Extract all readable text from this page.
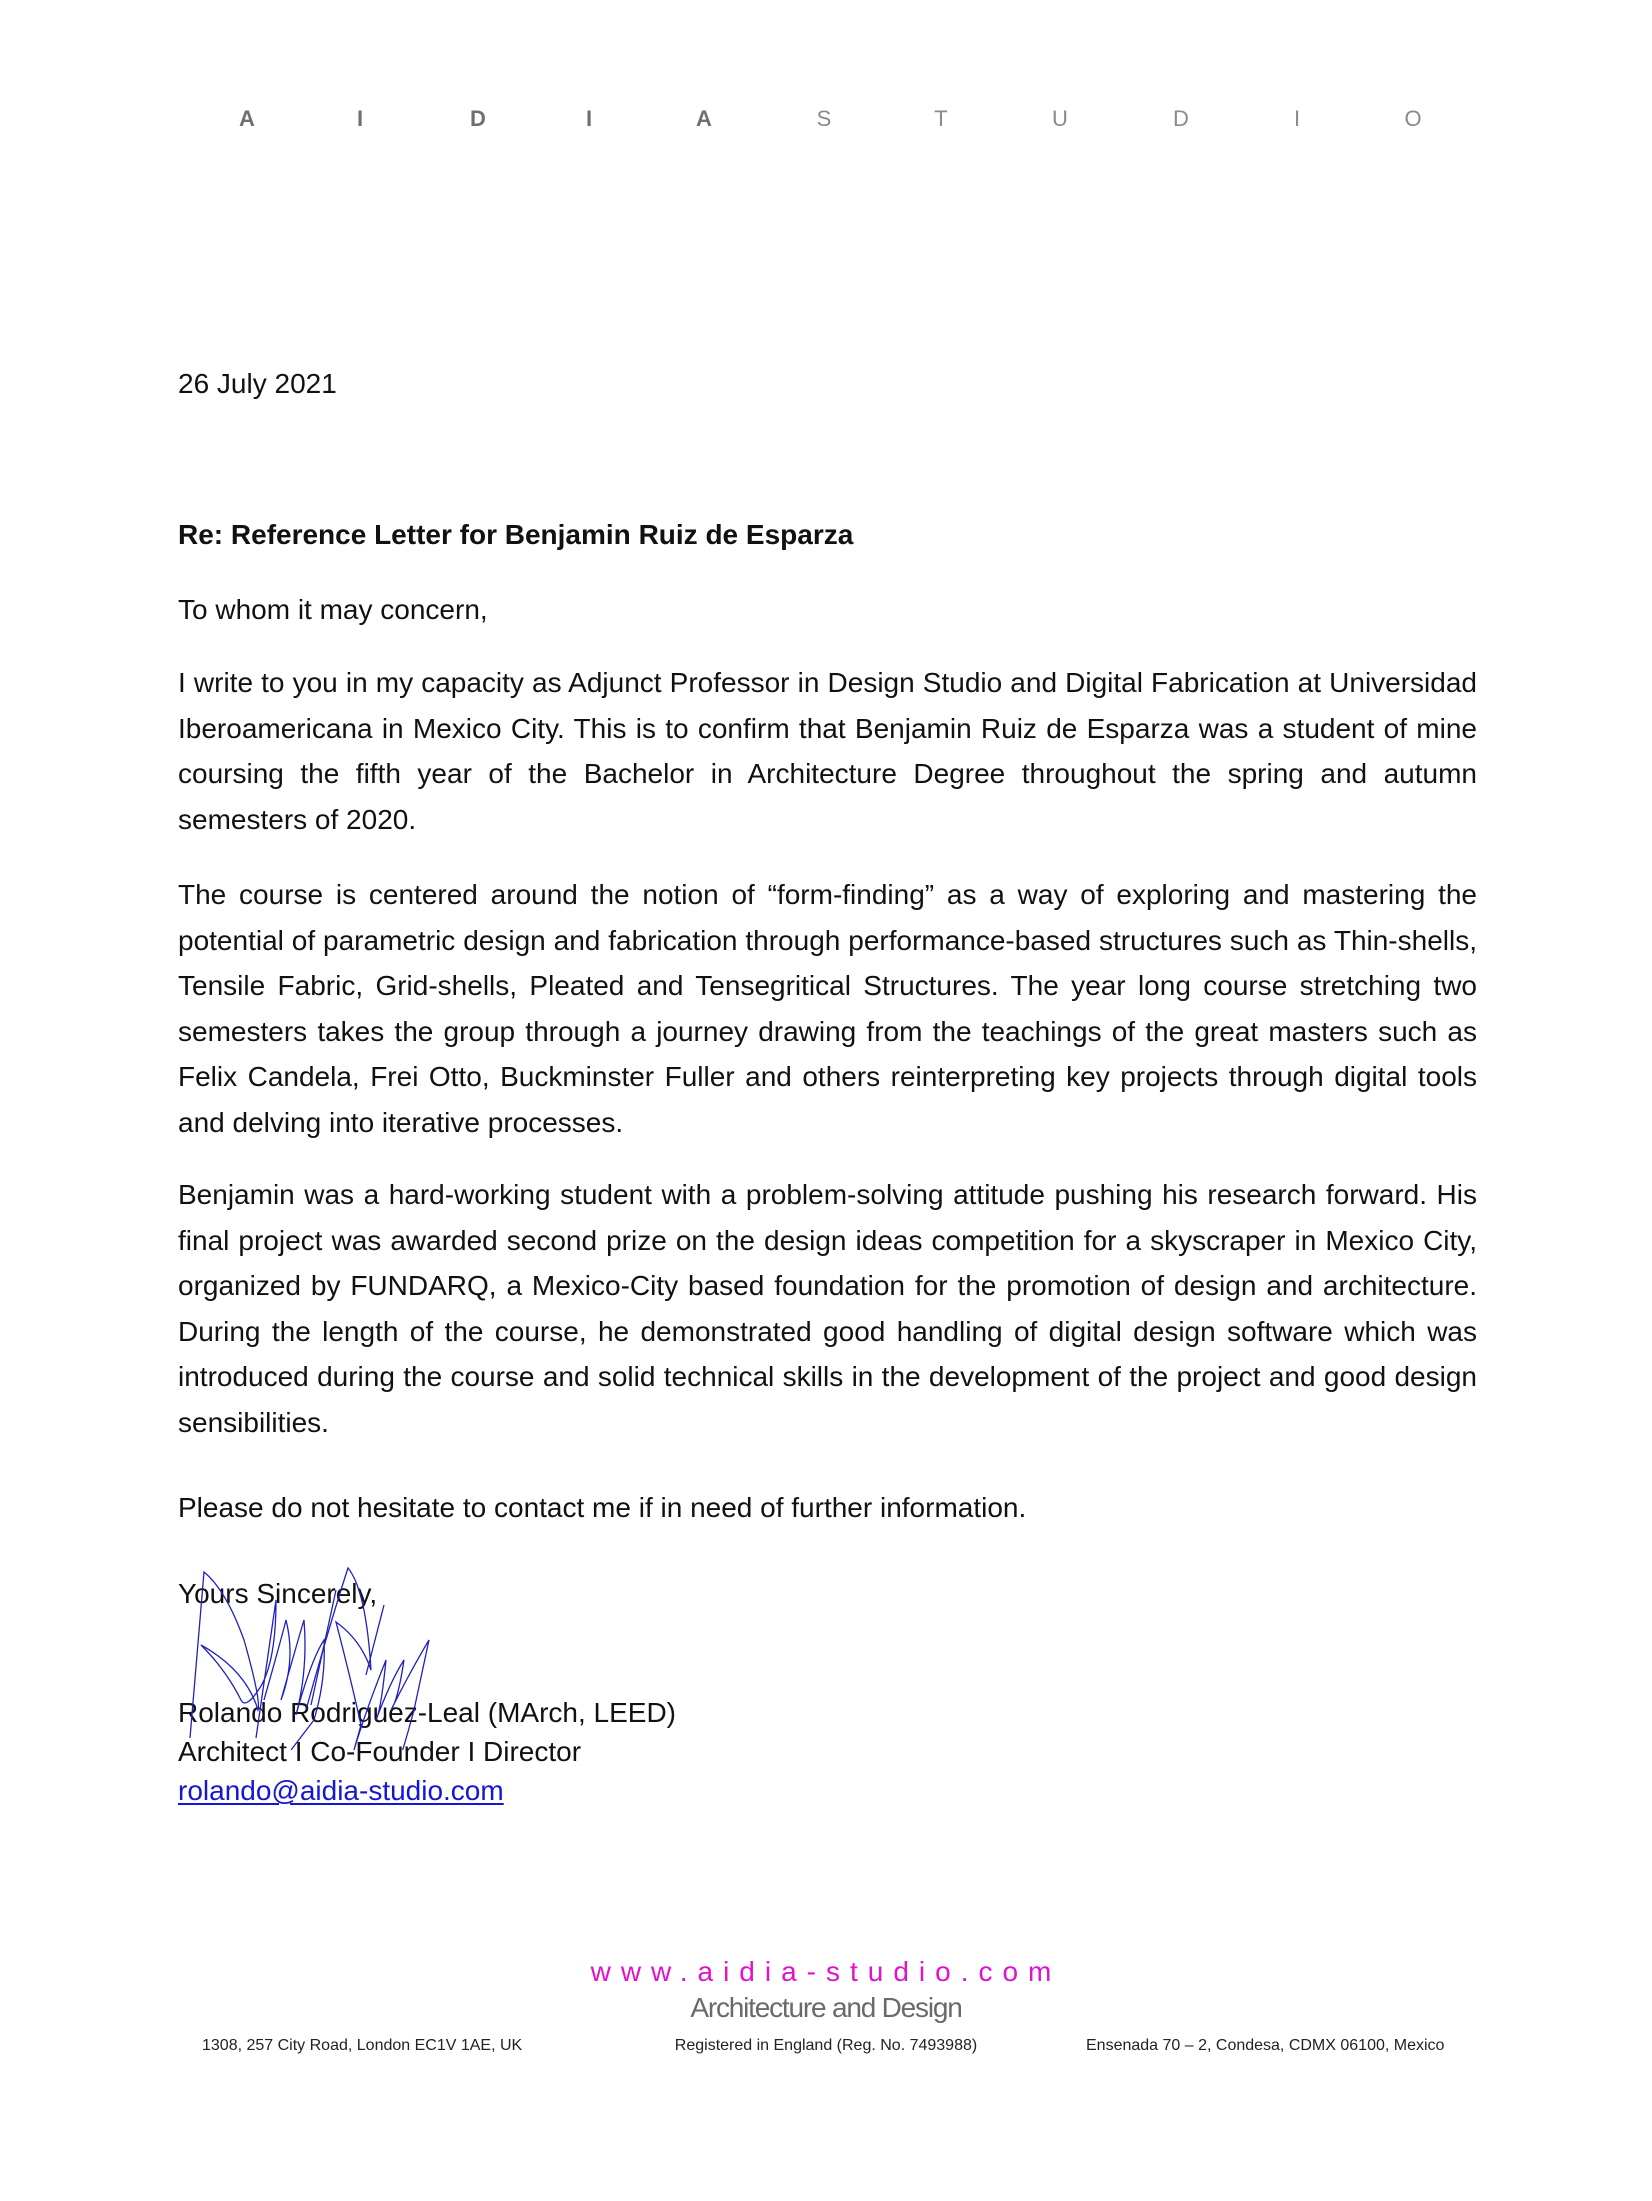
A	I	D	I	A	S	T	U	D	I	O
26 July 2021
Re: Reference Letter for Benjamin Ruiz de Esparza
To whom it may concern,
I write to you in my capacity as Adjunct Professor in Design Studio and Digital Fabrication at Universidad Iberoamericana in Mexico City. This is to confirm that Benjamin Ruiz de Esparza was a student of mine coursing the fifth year of the Bachelor in Architecture Degree throughout the spring and autumn semesters of 2020.
The course is centered around the notion of “form-finding” as a way of exploring and mastering the potential of parametric design and fabrication through performance-based structures such as Thin-shells, Tensile Fabric, Grid-shells, Pleated and Tensegritical Structures. The year long course stretching two semesters takes the group through a journey drawing from the teachings of the great masters such as Felix Candela, Frei Otto, Buckminster Fuller and others reinterpreting key projects through digital tools and delving into iterative processes.
Benjamin was a hard-working student with a problem-solving attitude pushing his research forward. His final project was awarded second prize on the design ideas competition for a skyscraper in Mexico City, organized by FUNDARQ, a Mexico-City based foundation for the promotion of design and architecture. During the length of the course, he demonstrated good handling of digital design software which was introduced during the course and solid technical skills in the development of the project and good design sensibilities.
Please do not hesitate to contact me if in need of further information.
Yours Sincerely,
Rolando Rodriguez-Leal (MArch, LEED)
Architect I Co-Founder I Director
rolando@aidia-studio.com
www.aidia-studio.com
Architecture and Design
1308, 257 City Road, London EC1V 1AE, UK	Registered in England (Reg. No. 7493988)	Ensenada 70 – 2, Condesa, CDMX 06100, Mexico
